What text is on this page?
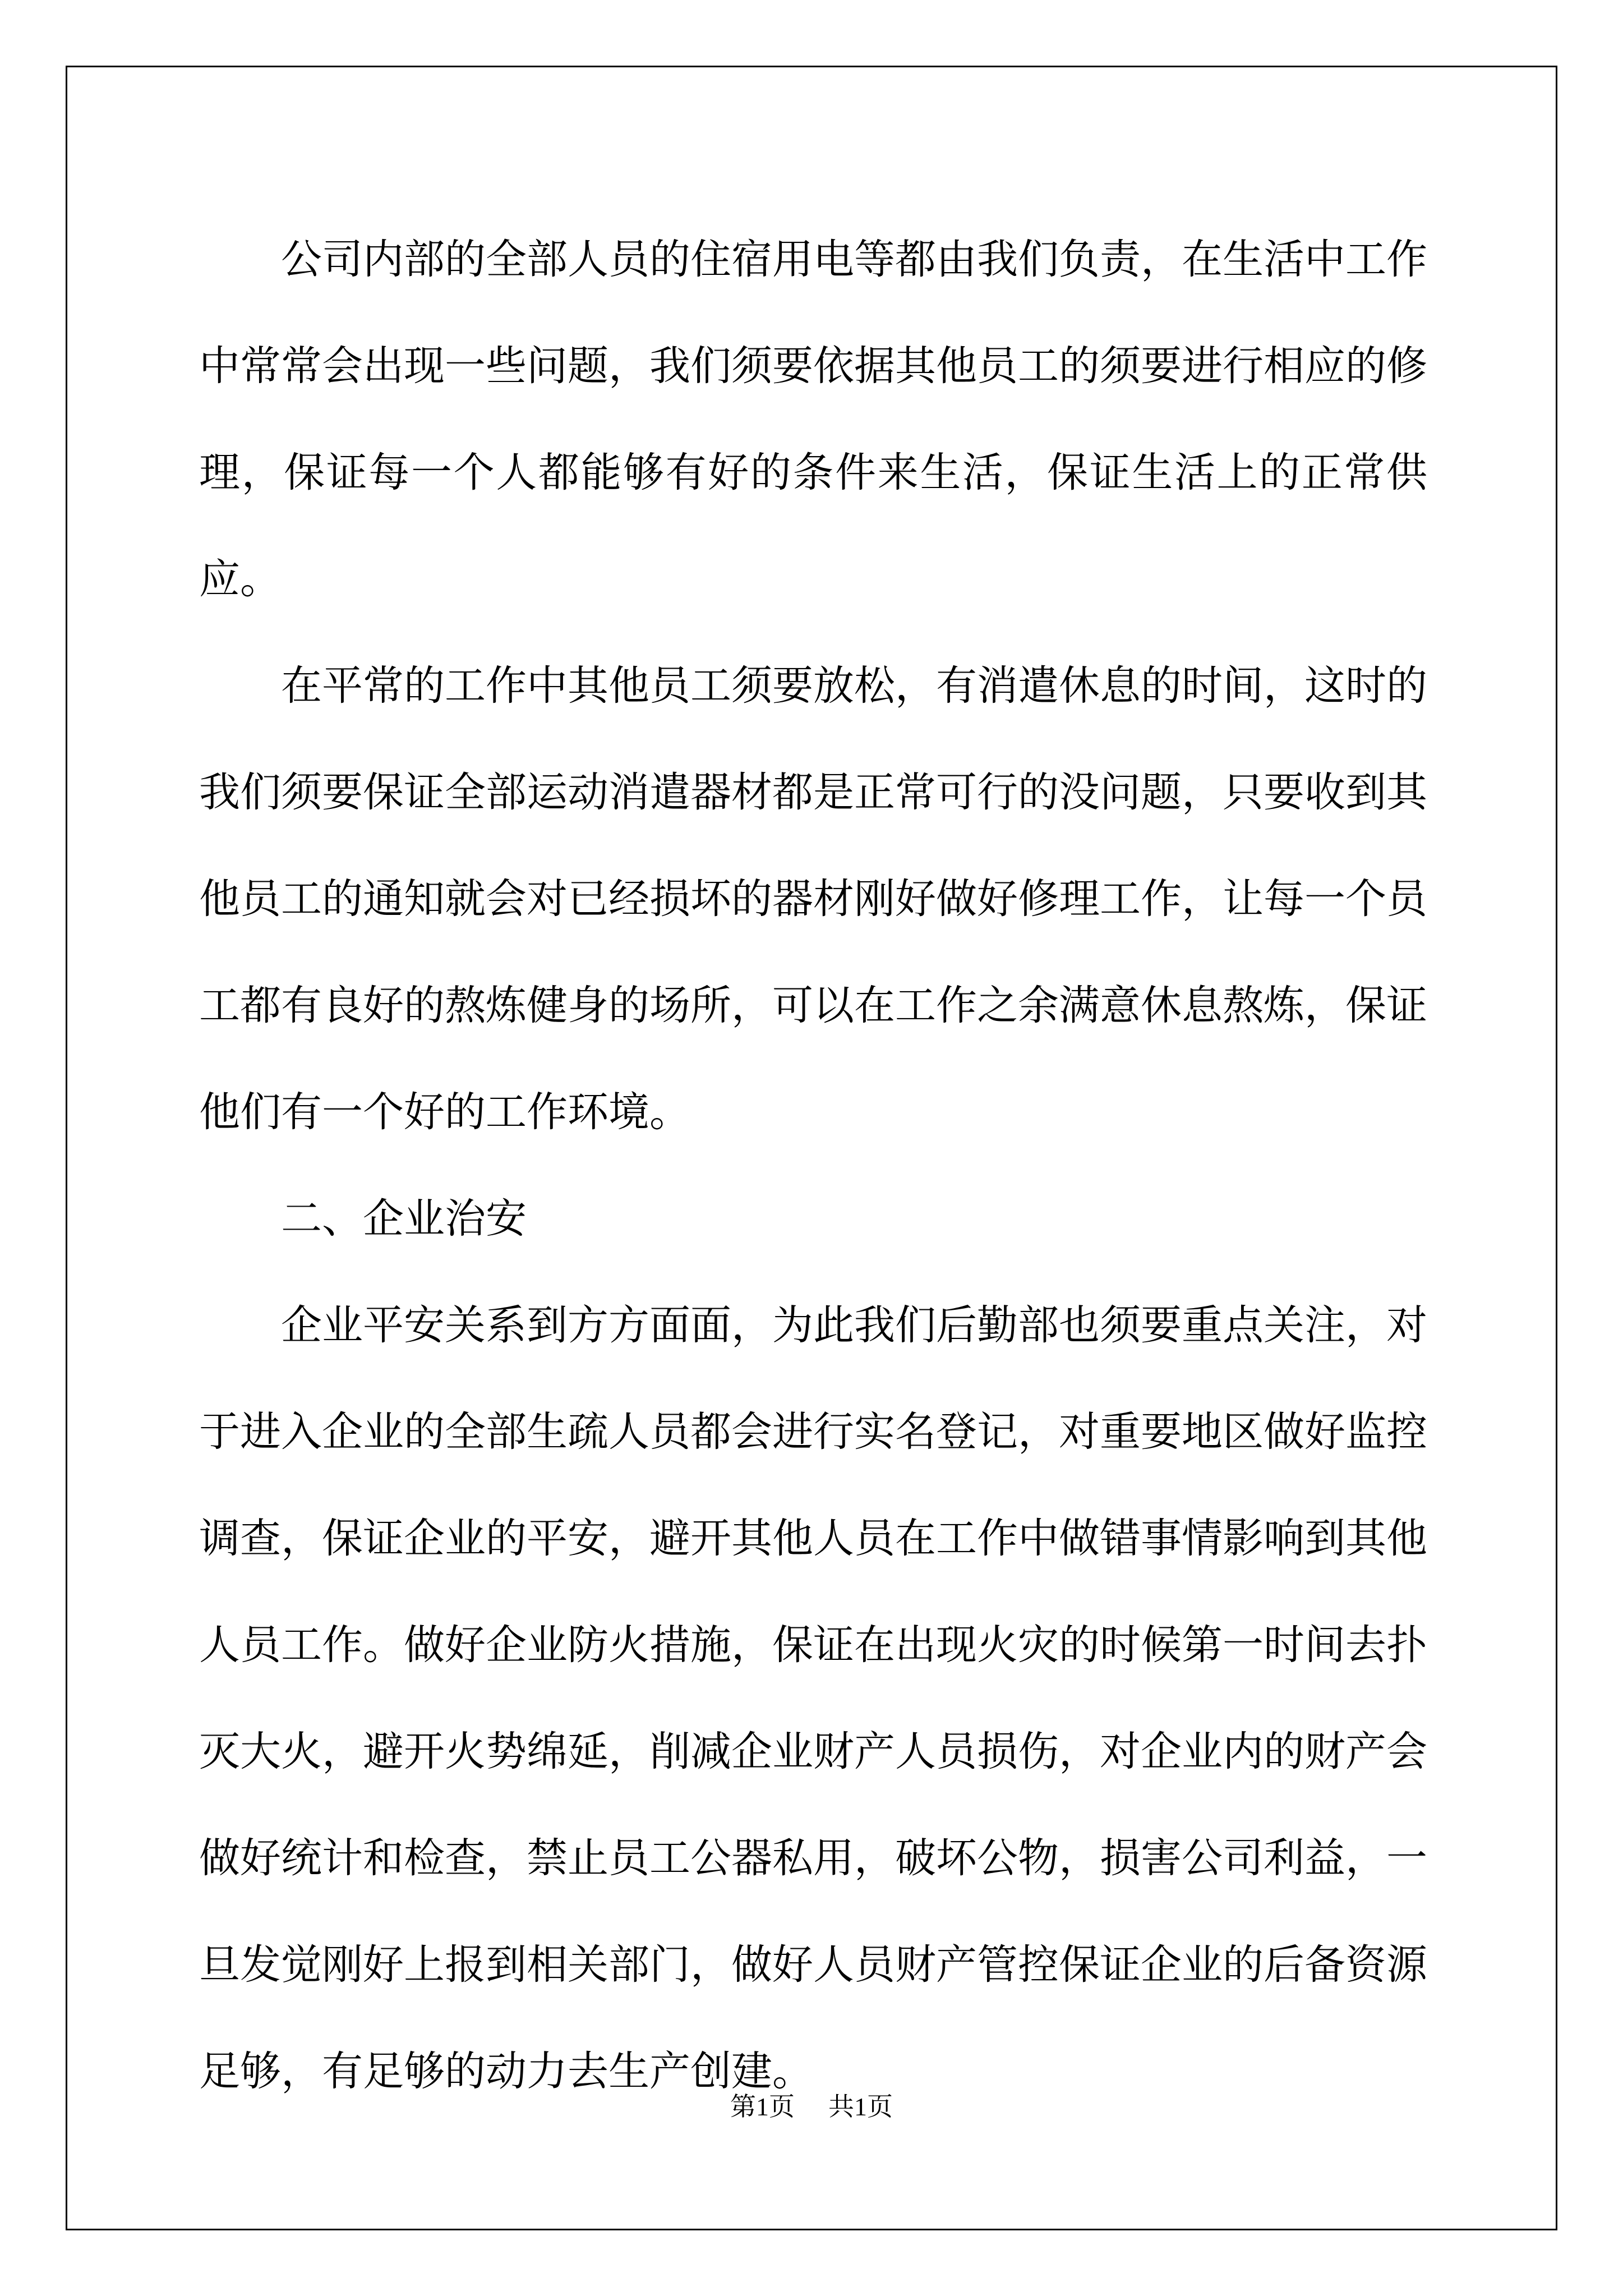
公司内部的全部人员的住宿用电等都由我们负责，在生活中工作中常常会出现一些问题，我们须要依据其他员工的须要进行相应的修理，保证每一个人都能够有好的条件来生活，保证生活上的正常供应。

在平常的工作中其他员工须要放松，有消遣休息的时间，这时的我们须要保证全部运动消遣器材都是正常可行的没问题，只要收到其他员工的通知就会对已经损坏的器材刚好做好修理工作，让每一个员工都有良好的熬炼健身的场所，可以在工作之余满意休息熬炼，保证他们有一个好的工作环境。

二、企业治安

企业平安关系到方方面面，为此我们后勤部也须要重点关注，对于进入企业的全部生疏人员都会进行实名登记，对重要地区做好监控调查，保证企业的平安，避开其他人员在工作中做错事情影响到其他人员工作。做好企业防火措施，保证在出现火灾的时候第一时间去扑灭大火，避开火势绵延，削减企业财产人员损伤，对企业内的财产会做好统计和检查，禁止员工公器私用，破坏公物，损害公司利益，一旦发觉刚好上报到相关部门，做好人员财产管控保证企业的后备资源足够，有足够的动力去生产创建。

第1页 共1页
